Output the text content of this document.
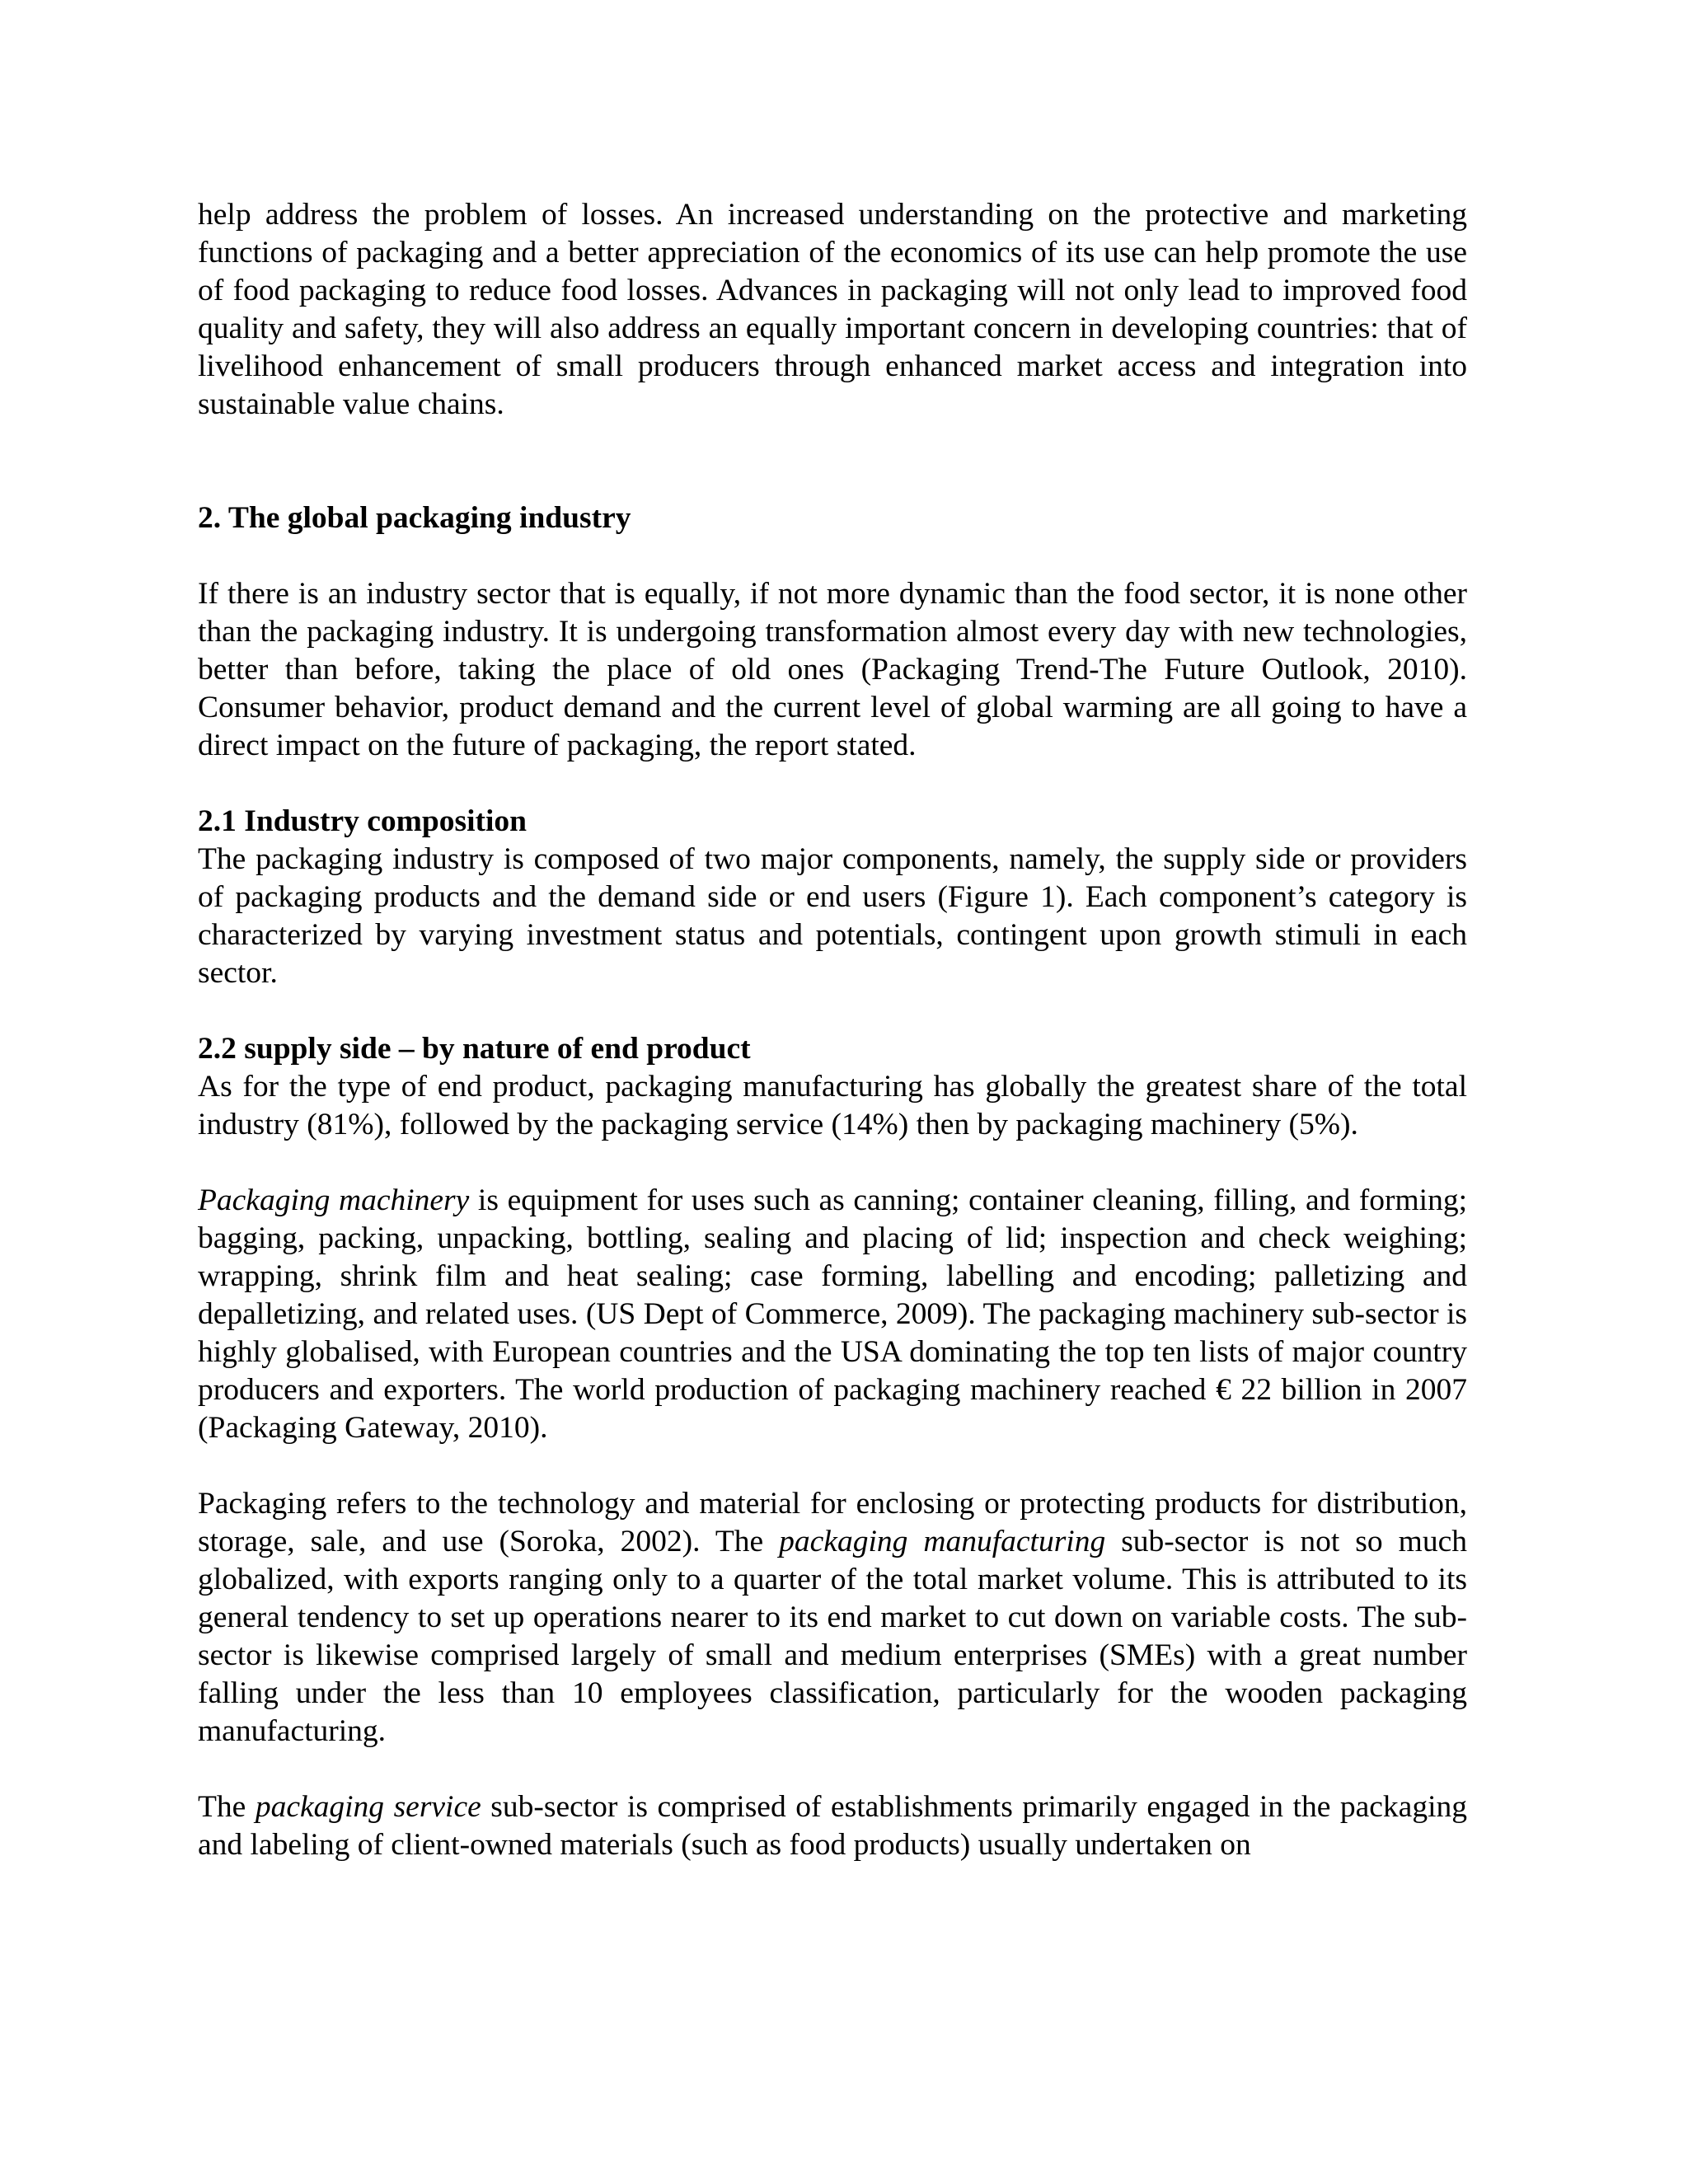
help address the problem of losses. An increased understanding on the protective and marketing functions of packaging and a better appreciation of the economics of its use can help promote the use of food packaging to reduce food losses. Advances in packaging will not only lead to improved food quality and safety, they will also address an equally important concern in developing countries: that of livelihood enhancement of small producers through enhanced market access and integration into sustainable value chains.

2. The global packaging industry

If there is an industry sector that is equally, if not more dynamic than the food sector, it is none other than the packaging industry. It is undergoing transformation almost every day with new technologies, better than before, taking the place of old ones (Packaging Trend-The Future Outlook, 2010). Consumer behavior, product demand and the current level of global warming are all going to have a direct impact on the future of packaging, the report stated.

2.1 Industry composition

The packaging industry is composed of two major components, namely, the supply side or providers of packaging products and the demand side or end users (Figure 1). Each component’s category is characterized by varying investment status and potentials, contingent upon growth stimuli in each sector.

2.2 supply side – by nature of end product

As for the type of end product, packaging manufacturing has globally the greatest share of the total industry (81%), followed by the packaging service (14%) then by packaging machinery (5%).

Packaging machinery is equipment for uses such as canning; container cleaning, filling, and forming; bagging, packing, unpacking, bottling, sealing and placing of lid; inspection and check weighing; wrapping, shrink film and heat sealing; case forming, labelling and encoding; palletizing and depalletizing, and related uses. (US Dept of Commerce, 2009). The packaging machinery sub-sector is highly globalised, with European countries and the USA dominating the top ten lists of major country producers and exporters. The world production of packaging machinery reached € 22 billion in 2007 (Packaging Gateway, 2010).

Packaging refers to the technology and material for enclosing or protecting products for distribution, storage, sale, and use (Soroka, 2002). The packaging manufacturing sub-sector is not so much globalized, with exports ranging only to a quarter of the total market volume. This is attributed to its general tendency to set up operations nearer to its end market to cut down on variable costs. The sub-sector is likewise comprised largely of small and medium enterprises (SMEs) with a great number falling under the less than 10 employees classification, particularly for the wooden packaging manufacturing.

The packaging service sub-sector is comprised of establishments primarily engaged in the packaging and labeling of client-owned materials (such as food products) usually undertaken on
